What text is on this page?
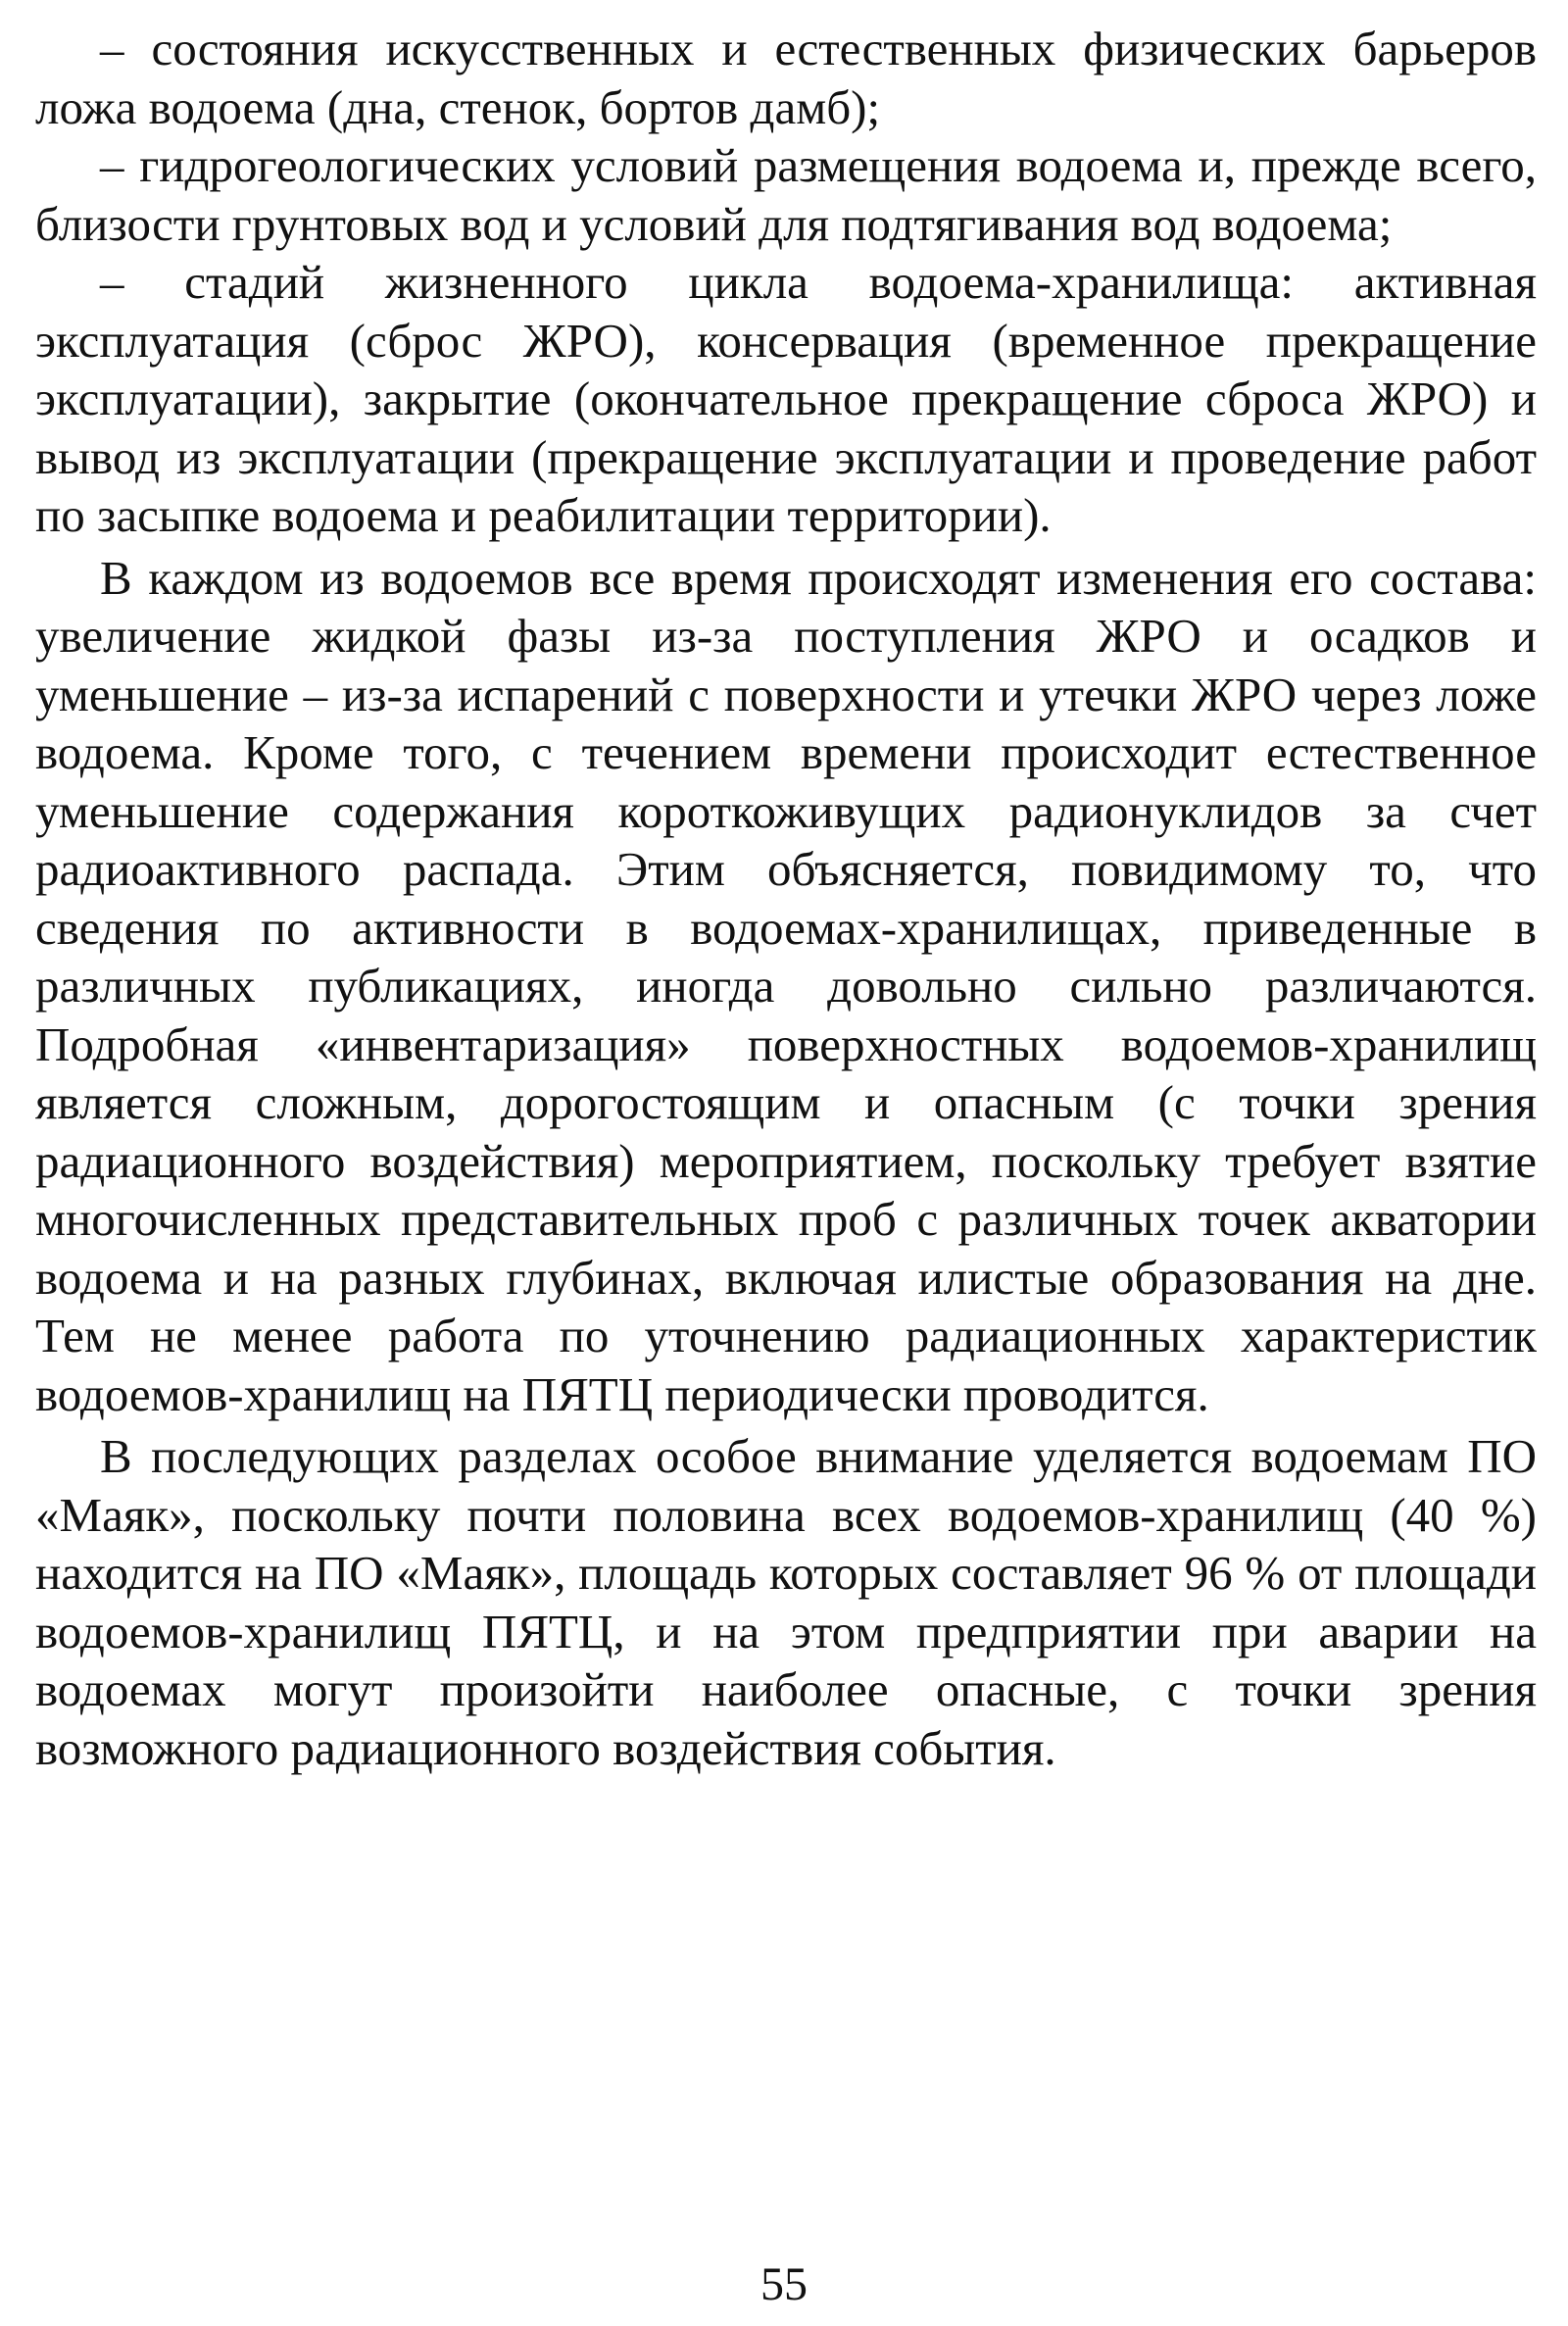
– состояния искусственных и естественных физических барьеров ложа водоема (дна, стенок, бортов дамб);

– гидрогеологических условий размещения водоема и, прежде всего, близости грунтовых вод и условий для подтягивания вод водоема;

– стадий жизненного цикла водоема-хранилища: активная эксплуатация (сброс ЖРО), консервация (временное прекращение эксплуатации), закрытие (окончательное прекращение сброса ЖРО) и вывод из эксплуатации (прекращение эксплуатации и проведение работ по засыпке водоема и реабилитации территории).

В каждом из водоемов все время происходят изменения его состава: увеличение жидкой фазы из-за поступления ЖРО и осадков и уменьшение – из-за испарений с поверхности и утечки ЖРО через ложе водоема. Кроме того, с течением времени происходит естественное уменьшение содержания короткоживущих радионуклидов за счет радиоактивного распада. Этим объясняется, повидимому то, что сведения по активности в водоемах-хранилищах, приведенные в различных публикациях, иногда довольно сильно различаются. Подробная «инвентаризация» поверхностных водоемов-хранилищ является сложным, дорогостоящим и опасным (с точки зрения радиационного воздействия) мероприятием, поскольку требует взятие многочисленных представительных проб с различных точек акватории водоема и на разных глубинах, включая илистые образования на дне. Тем не менее работа по уточнению радиационных характеристик водоемов-хранилищ на ПЯТЦ периодически проводится.

В последующих разделах особое внимание уделяется водоемам ПО «Маяк», поскольку почти половина всех водоемов-хранилищ (40 %) находится на ПО «Маяк», площадь которых составляет 96 % от площади водоемов-хранилищ ПЯТЦ, и на этом предприятии при аварии на водоемах могут произойти наиболее опасные, с точки зрения возможного радиационного воздействия события.

55
